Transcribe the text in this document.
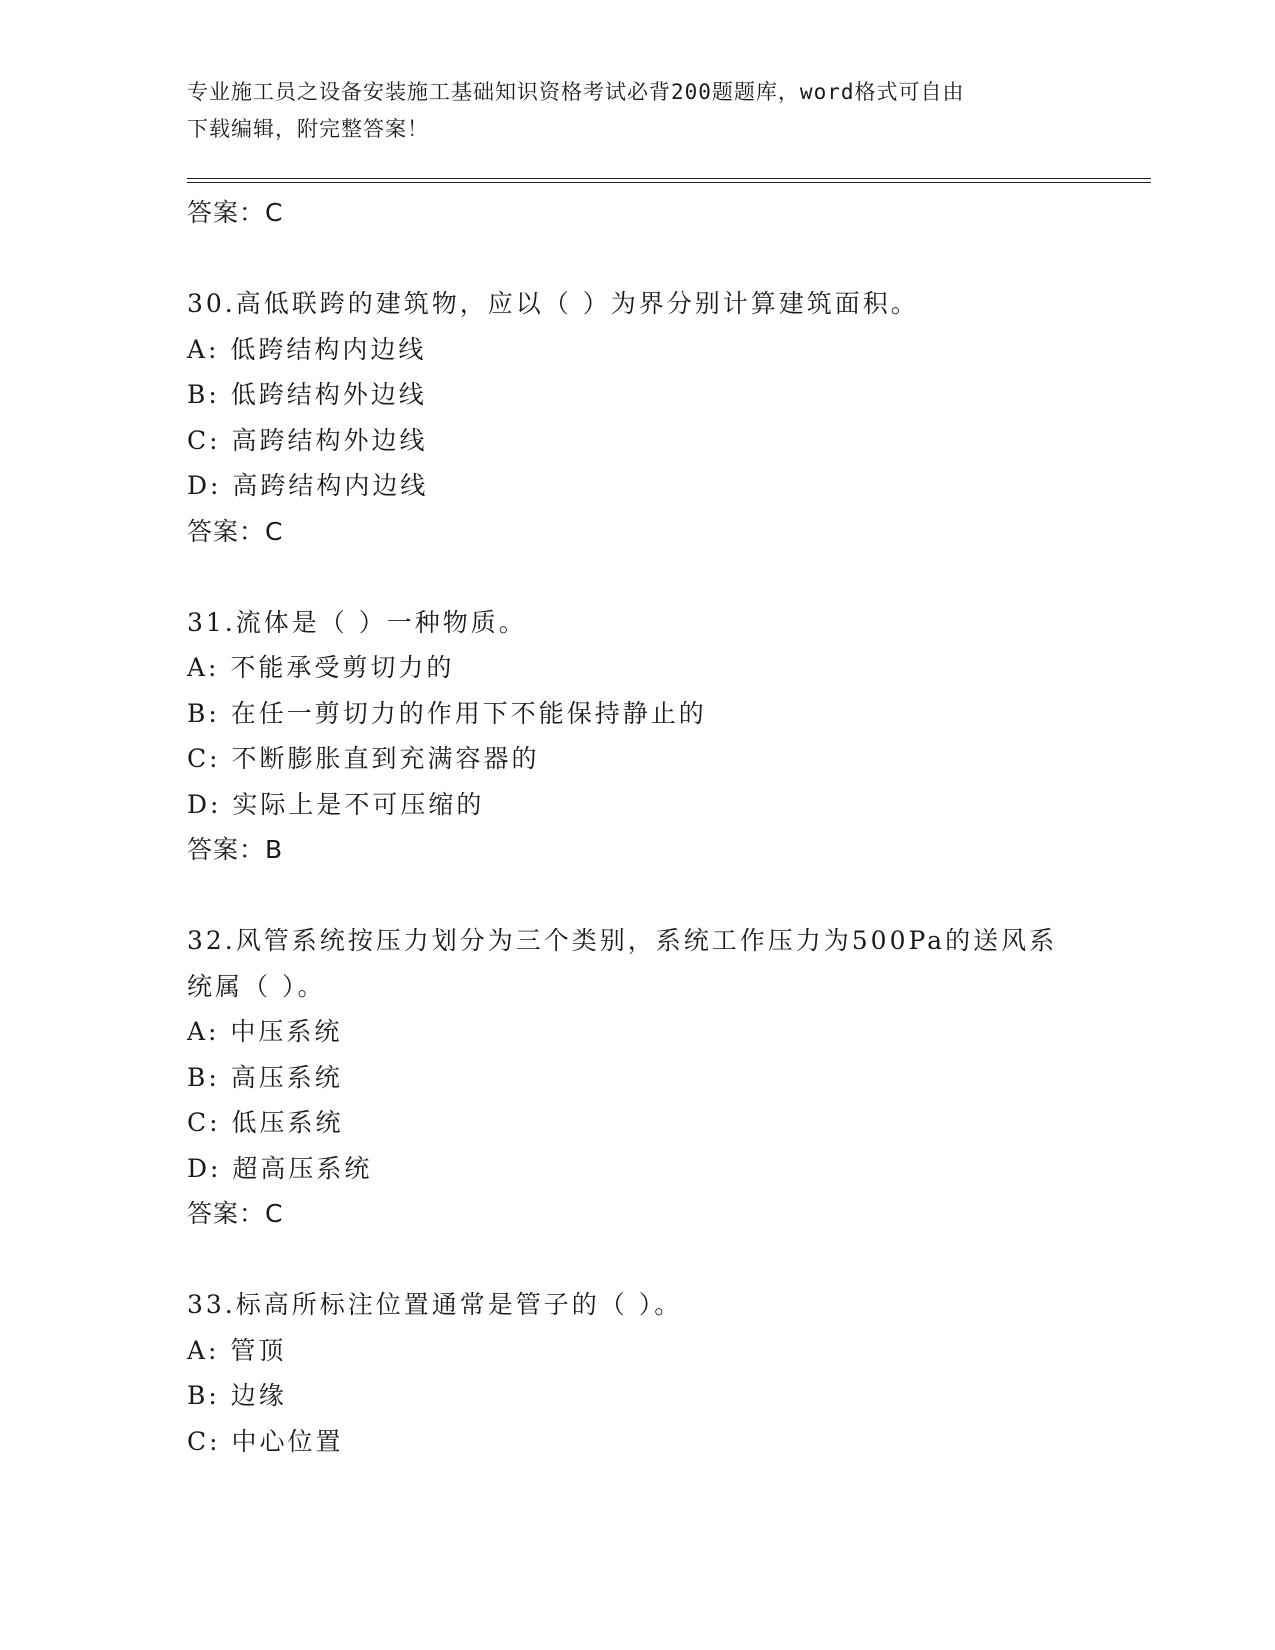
专业施工员之设备安装施工基础知识资格考试必背200题题库，word格式可自由
下载编辑，附完整答案！
答案：C
30.高低联跨的建筑物，应以（ ）为界分别计算建筑面积。
A: 低跨结构内边线
B: 低跨结构外边线
C: 高跨结构外边线
D: 高跨结构内边线
答案：C
31.流体是（ ）一种物质。
A: 不能承受剪切力的
B: 在任一剪切力的作用下不能保持静止的
C: 不断膨胀直到充满容器的
D: 实际上是不可压缩的
答案：B
32.风管系统按压力划分为三个类别，系统工作压力为500Pa的送风系
统属（ ）。
A: 中压系统
B: 高压系统
C: 低压系统
D: 超高压系统
答案：C
33.标高所标注位置通常是管子的（ ）。
A: 管顶
B: 边缘
C: 中心位置
